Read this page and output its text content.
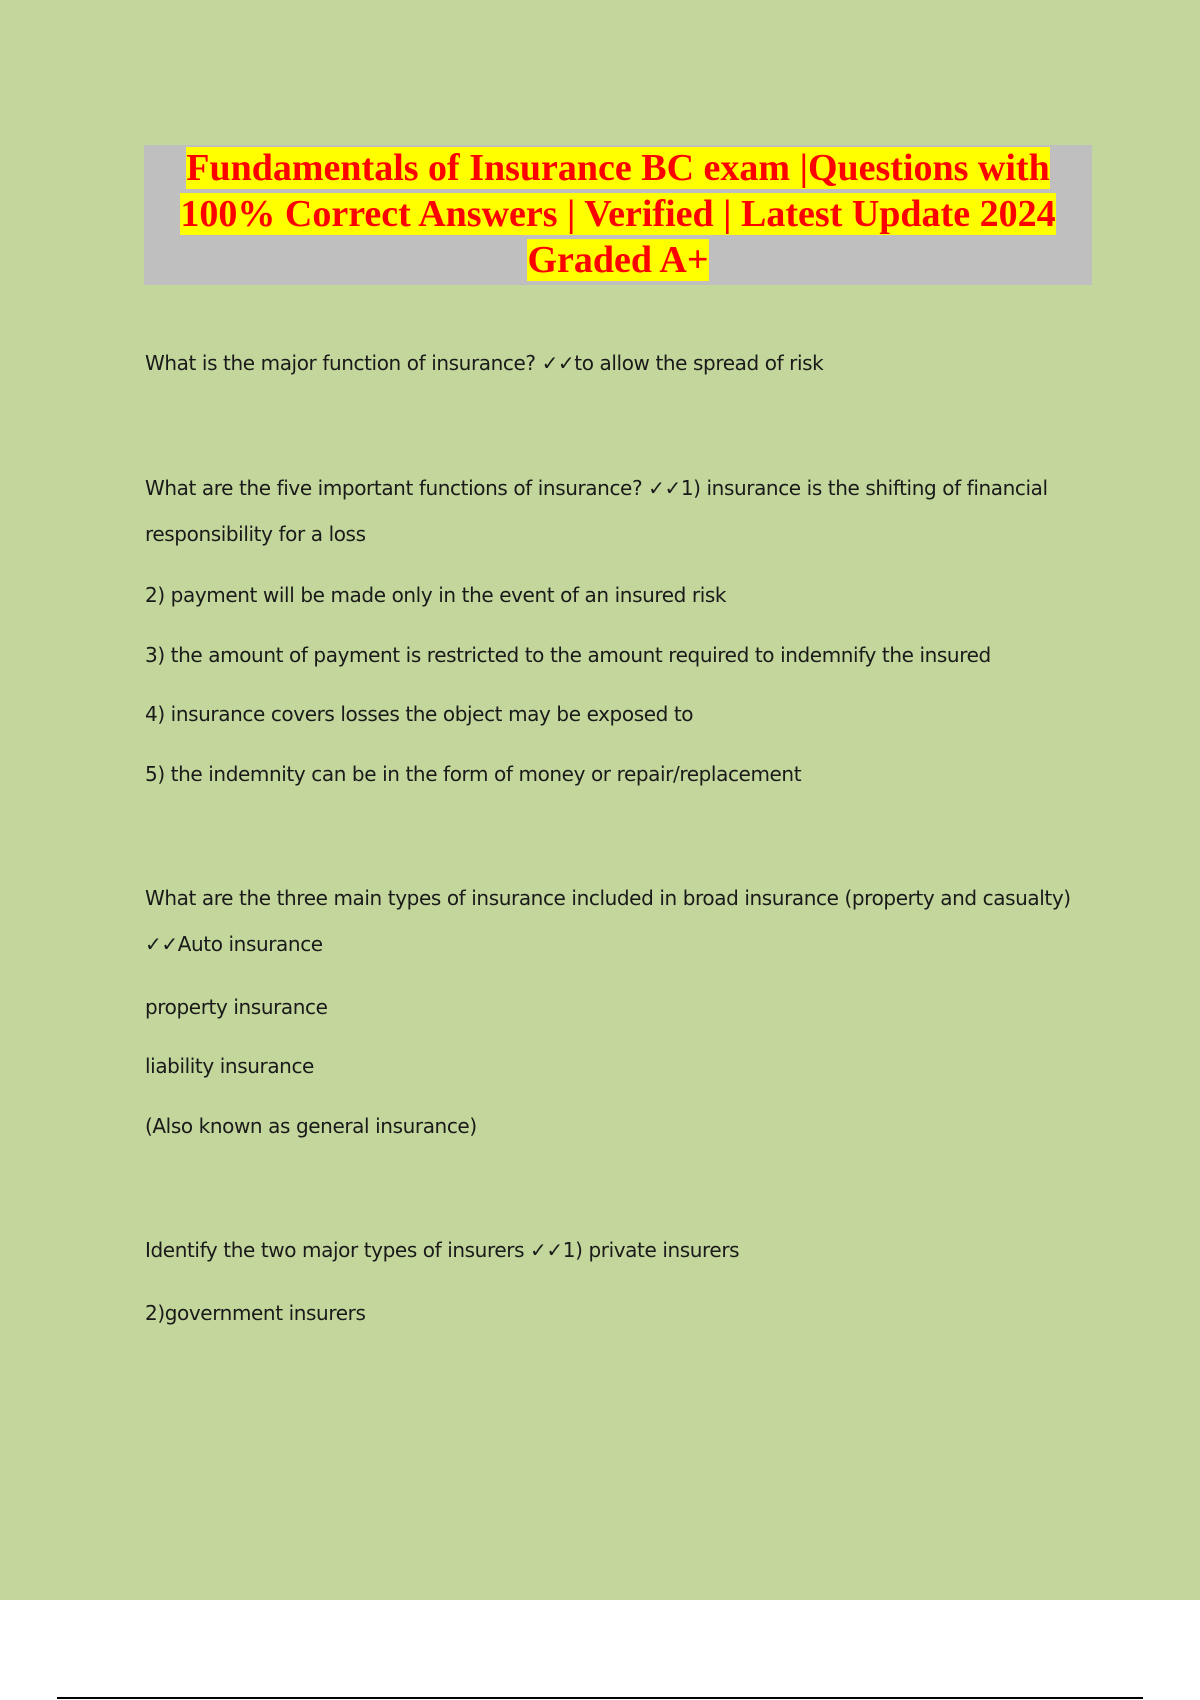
Fundamentals of Insurance BC exam |Questions with
100% Correct Answers | Verified | Latest Update 2024
Graded A+
What is the major function of insurance? ✓✓to allow the spread of risk
What are the five important functions of insurance? ✓✓1) insurance is the shifting of financial
responsibility for a loss
2) payment will be made only in the event of an insured risk
3) the amount of payment is restricted to the amount required to indemnify the insured
4) insurance covers losses the object may be exposed to
5) the indemnity can be in the form of money or repair/replacement
What are the three main types of insurance included in broad insurance (property and casualty)
✓✓Auto insurance
property insurance
liability insurance
(Also known as general insurance)
Identify the two major types of insurers ✓✓1) private insurers
2)government insurers
